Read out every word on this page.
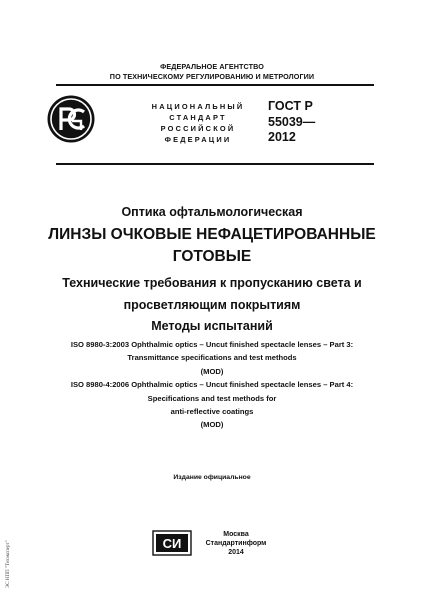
ФЕДЕРАЛЬНОЕ АГЕНТСТВО
ПО ТЕХНИЧЕСКОМУ РЕГУЛИРОВАНИЮ И МЕТРОЛОГИИ
НАЦИОНАЛЬНЫЙ
СТАНДАРТ
РОССИЙСКОЙ
ФЕДЕРАЦИИ
ГОСТ Р
55039—
2012
Оптика офтальмологическая
ЛИНЗЫ ОЧКОВЫЕ НЕФАЦЕТИРОВАННЫЕ
ГОТОВЫЕ
Технические требования к пропусканию света и
просветляющим покрытиям
Методы испытаний
ISO 8980-3:2003 Ophthalmic optics – Uncut finished spectacle lenses – Part 3:
Transmittance specifications and test methods
(MOD)
ISO 8980-4:2006 Ophthalmic optics – Uncut finished spectacle lenses – Part 4:
Specifications and test methods for
anti-reflective coatings
(MOD)
Издание официальное
СИ
Москва
Стандартинформ
2014
ЭС НПП "Техэксперт"
